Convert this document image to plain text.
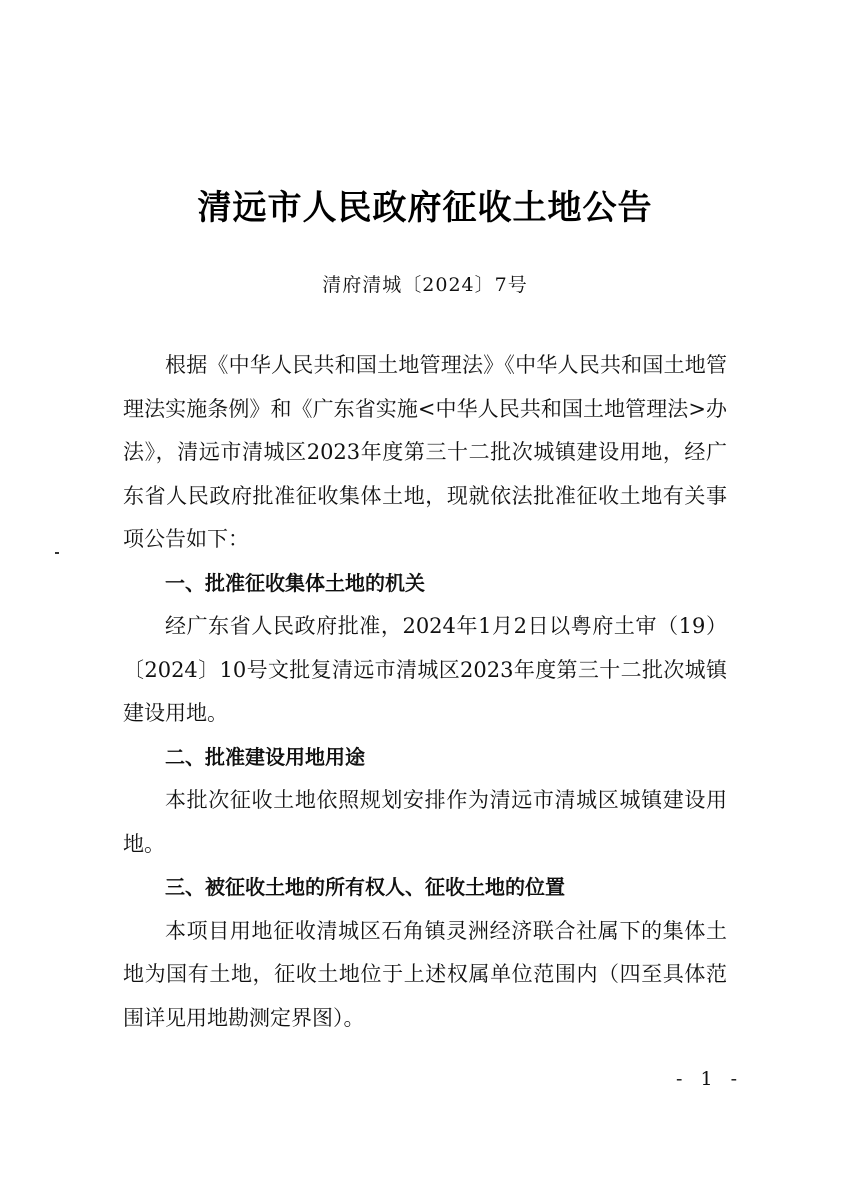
清远市人民政府征收土地公告
清府清城〔2024〕7号

根据《中华人民共和国土地管理法》《中华人民共和国土地管理法实施条例》和《广东省实施<中华人民共和国土地管理法>办法》，清远市清城区2023年度第三十二批次城镇建设用地，经广东省人民政府批准征收集体土地，现就依法批准征收土地有关事项公告如下：

一、批准征收集体土地的机关

经广东省人民政府批准，2024年1月2日以粤府土审（19）〔2024〕10号文批复清远市清城区2023年度第三十二批次城镇建设用地。

二、批准建设用地用途

本批次征收土地依照规划安排作为清远市清城区城镇建设用地。

三、被征收土地的所有权人、征收土地的位置

本项目用地征收清城区石角镇灵洲经济联合社属下的集体土地为国有土地，征收土地位于上述权属单位范围内（四至具体范围详见用地勘测定界图）。

- 1 -
